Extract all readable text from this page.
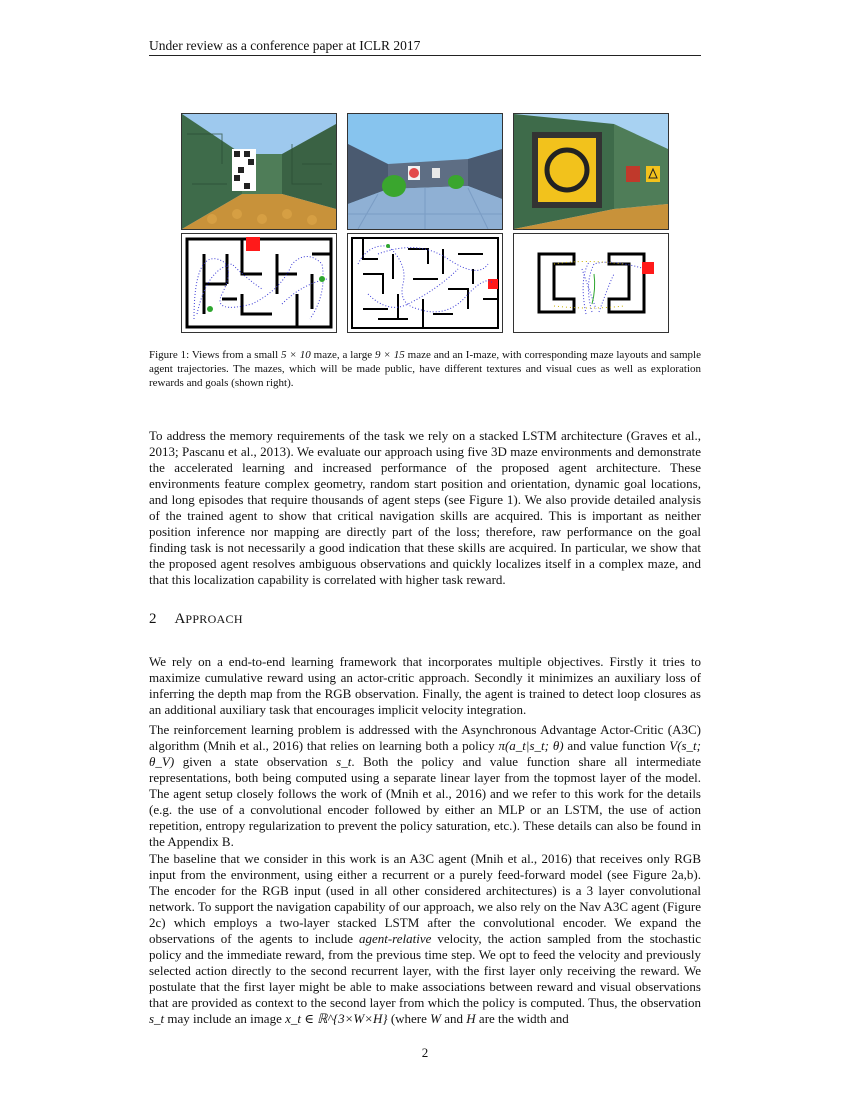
Under review as a conference paper at ICLR 2017
Figure 1: Views from a small 5 × 10 maze, a large 9 × 15 maze and an I-maze, with corresponding maze layouts and sample agent trajectories. The mazes, which will be made public, have different textures and visual cues as well as exploration rewards and goals (shown right).

To address the memory requirements of the task we rely on a stacked LSTM architecture (Graves et al., 2013; Pascanu et al., 2013). We evaluate our approach using five 3D maze environments and demonstrate the accelerated learning and increased performance of the proposed agent architecture. These environments feature complex geometry, random start position and orientation, dynamic goal locations, and long episodes that require thousands of agent steps (see Figure 1). We also provide detailed analysis of the trained agent to show that critical navigation skills are acquired. This is important as neither position inference nor mapping are directly part of the loss; therefore, raw performance on the goal finding task is not necessarily a good indication that these skills are acquired. In particular, we show that the proposed agent resolves ambiguous observations and quickly localizes itself in a complex maze, and that this localization capability is correlated with higher task reward.

2 APPROACH

We rely on a end-to-end learning framework that incorporates multiple objectives. Firstly it tries to maximize cumulative reward using an actor-critic approach. Secondly it minimizes an auxiliary loss of inferring the depth map from the RGB observation. Finally, the agent is trained to detect loop closures as an additional auxiliary task that encourages implicit velocity integration.

The reinforcement learning problem is addressed with the Asynchronous Advantage Actor-Critic (A3C) algorithm (Mnih et al., 2016) that relies on learning both a policy π(a_t|s_t; θ) and value function V(s_t; θ_V) given a state observation s_t. Both the policy and value function share all intermediate representations, both being computed using a separate linear layer from the topmost layer of the model. The agent setup closely follows the work of (Mnih et al., 2016) and we refer to this work for the details (e.g. the use of a convolutional encoder followed by either an MLP or an LSTM, the use of action repetition, entropy regularization to prevent the policy saturation, etc.). These details can also be found in the Appendix B.

The baseline that we consider in this work is an A3C agent (Mnih et al., 2016) that receives only RGB input from the environment, using either a recurrent or a purely feed-forward model (see Figure 2a,b). The encoder for the RGB input (used in all other considered architectures) is a 3 layer convolutional network. To support the navigation capability of our approach, we also rely on the Nav A3C agent (Figure 2c) which employs a two-layer stacked LSTM after the convolutional encoder. We expand the observations of the agents to include agent-relative velocity, the action sampled from the stochastic policy and the immediate reward, from the previous time step. We opt to feed the velocity and previously selected action directly to the second recurrent layer, with the first layer only receiving the reward. We postulate that the first layer might be able to make associations between reward and visual observations that are provided as context to the second layer from which the policy is computed. Thus, the observation s_t may include an image x_t ∈ ℝ^{3×W×H} (where W and H are the width and

2
